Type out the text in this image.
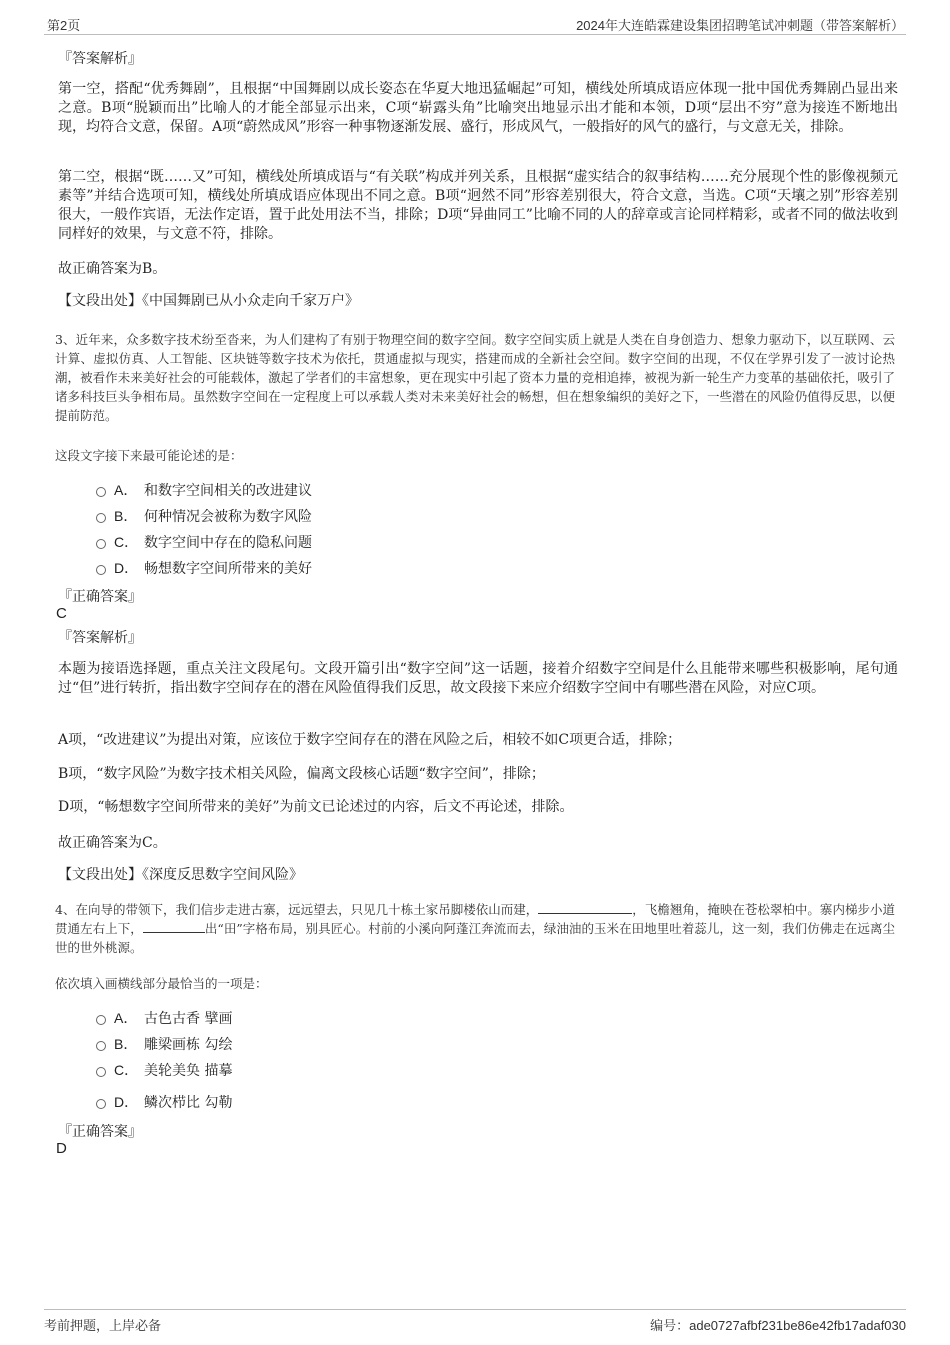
第2页	2024年大连皓霖建设集团招聘笔试冲刺题（带答案解析）
『答案解析』
第一空，搭配“优秀舞剧”，且根据“中国舞剧以成长姿态在华夏大地迅猛崛起”可知，横线处所填成语应体现一批中国优秀舞剧凸显出来之意。B项“脱颖而出”比喻人的才能全部显示出来，C项“崭露头角”比喻突出地显示出才能和本领，D项“层出不穷”意为接连不断地出现，均符合文意，保留。A项“蔚然成风”形容一种事物逐渐发展、盛行，形成风气，一般指好的风气的盛行，与文意无关，排除。
第二空，根据“既……又”可知，横线处所填成语与“有关联”构成并列关系，且根据“虚实结合的叙事结构……充分展现个性的影像视频元素等”并结合选项可知，横线处所填成语应体现出不同之意。B项“迥然不同”形容差别很大，符合文意，当选。C项“天壤之别”形容差别很大，一般作宾语，无法作定语，置于此处用法不当，排除；D项“异曲同工”比喻不同的人的辞章或言论同样精彩，或者不同的做法收到同样好的效果，与文意不符，排除。
故正确答案为B。
【文段出处】《中国舞剧已从小众走向千家万户》
3、近年来，众多数字技术纷至沓来，为人们建构了有别于物理空间的数字空间。数字空间实质上就是人类在自身创造力、想象力驱动下，以互联网、云计算、虚拟仿真、人工智能、区块链等数字技术为依托，贯通虚拟与现实，搭建而成的全新社会空间。数字空间的出现，不仅在学界引发了一波讨论热潮，被看作未来美好社会的可能载体，激起了学者们的丰富想象，更在现实中引起了资本力量的竞相追捧，被视为新一轮生产力变革的基础依托，吸引了诸多科技巨头争相布局。虽然数字空间在一定程度上可以承载人类对未来美好社会的畅想，但在想象编织的美好之下，一些潜在的风险仍值得反思，以便提前防范。
这段文字接下来最可能论述的是：
A． 和数字空间相关的改进建议
B． 何种情况会被称为数字风险
C． 数字空间中存在的隐私问题
D． 畅想数字空间所带来的美好
『正确答案』
C
『答案解析』
本题为接语选择题，重点关注文段尾句。文段开篇引出“数字空间”这一话题，接着介绍数字空间是什么且能带来哪些积极影响，尾句通过“但”进行转折，指出数字空间存在的潜在风险值得我们反思，故文段接下来应介绍数字空间中有哪些潜在风险，对应C项。
A项，“改进建议”为提出对策，应该位于数字空间存在的潜在风险之后，相较不如C项更合适，排除；
B项，“数字风险”为数字技术相关风险，偏离文段核心话题“数字空间”，排除；
D项，“畅想数字空间所带来的美好”为前文已论述过的内容，后文不再论述，排除。
故正确答案为C。
【文段出处】《深度反思数字空间风险》
4、在向导的带领下，我们信步走进古寨，远远望去，只见几十栋土家吊脚楼依山而建，	，飞檐翘角，掩映在苍松翠柏中。寨内梯步小道贯通左右上下，	出“田”字格布局，别具匠心。村前的小溪向阿蓬江奔流而去，绿油油的玉米在田地里吐着蕊儿，这一刻，我们仿佛走在远离尘世的世外桃源。
依次填入画横线部分最恰当的一项是：
A． 古色古香 擘画
B． 雕梁画栋 勾绘
C． 美轮美奂 描摹
D． 鳞次栉比 勾勒
『正确答案』
D
考前押题，上岸必备	编号：ade0727afbf231be86e42fb17adaf030
